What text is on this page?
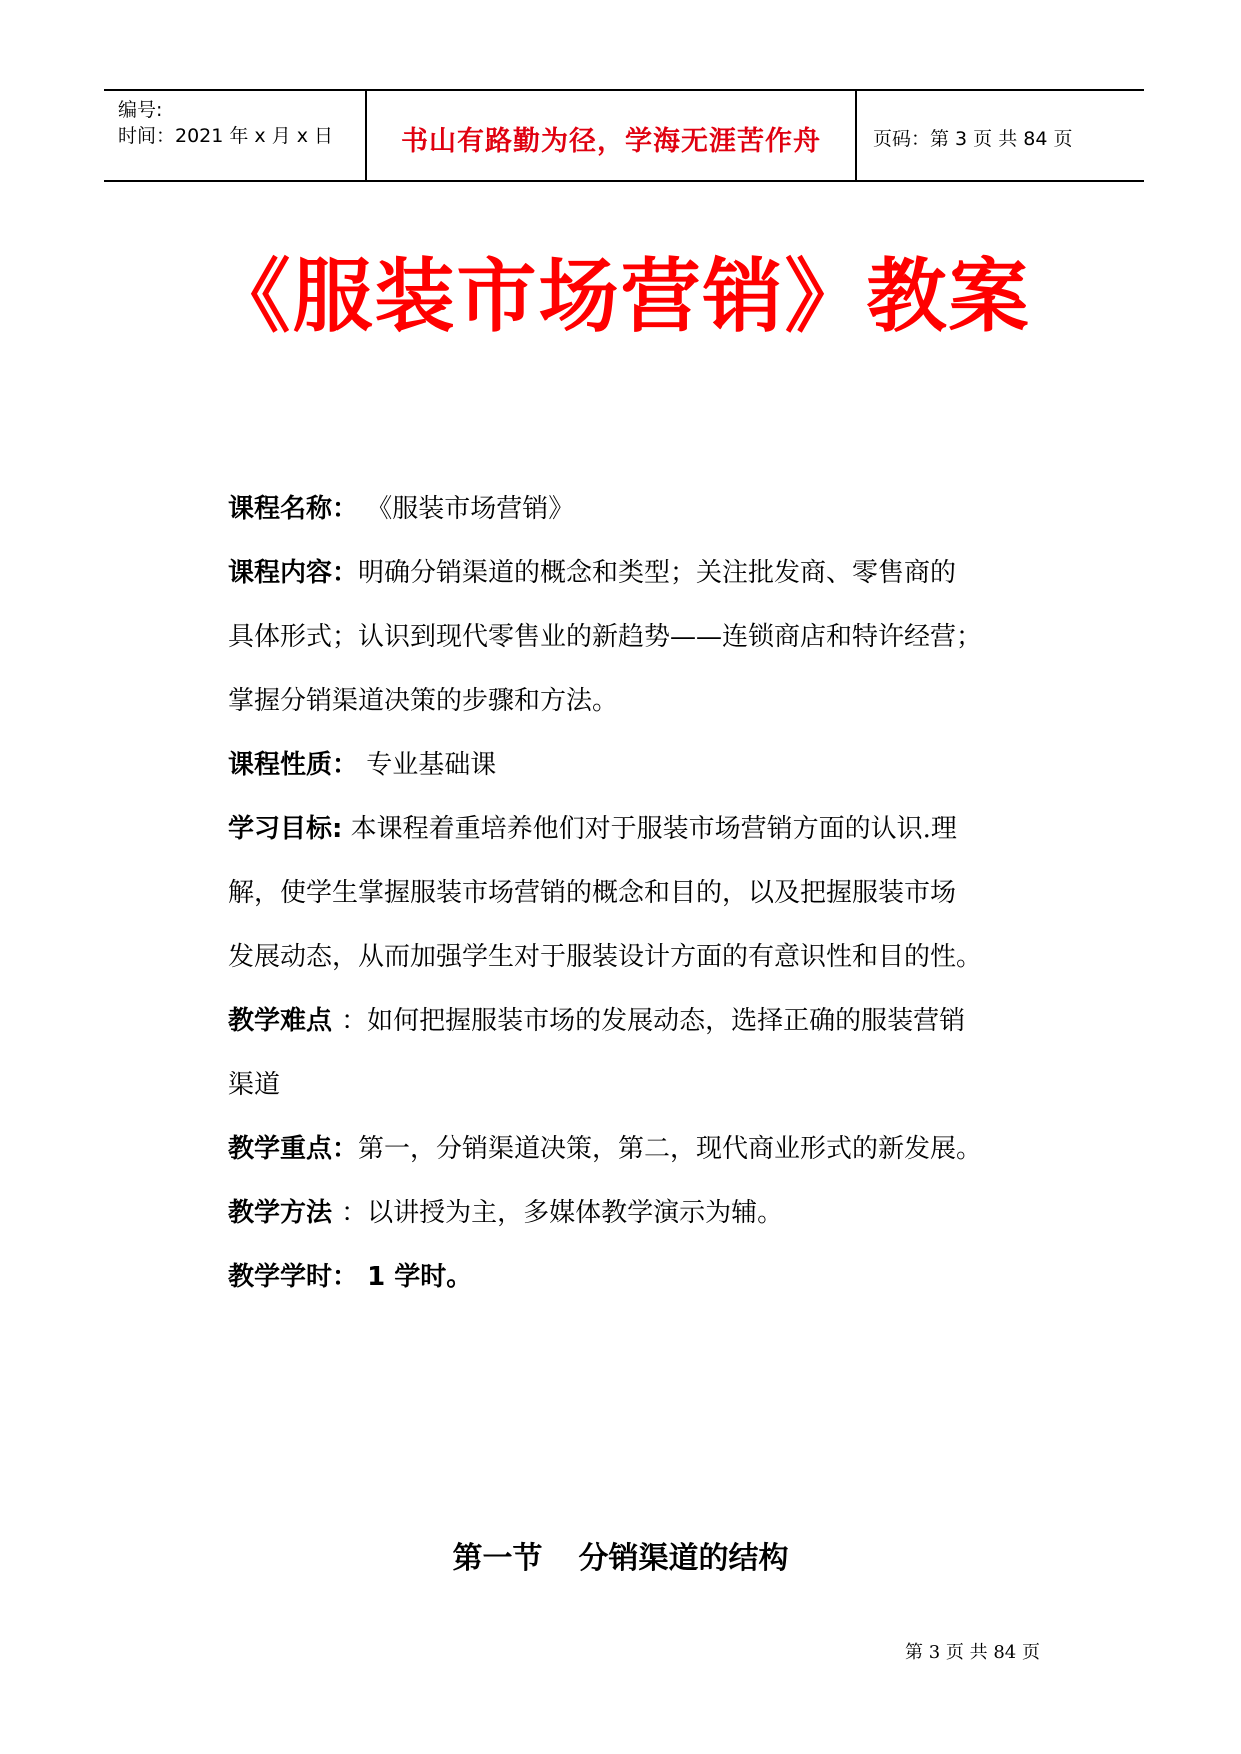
编号:
时间：2021 年 x 月 x 日	书山有路勤为径，学海无涯苦作舟	页码：第 3 页 共 84 页
《服装市场营销》教案
课程名称： 《服装市场营销》
课程内容：明确分销渠道的概念和类型；关注批发商、零售商的
具体形式；认识到现代零售业的新趋势——连锁商店和特许经营；
掌握分销渠道决策的步骤和方法。
课程性质： 专业基础课
学习目标: 本课程着重培养他们对于服装市场营销方面的认识.理
解，使学生掌握服装市场营销的概念和目的，以及把握服装市场
发展动态，从而加强学生对于服装设计方面的有意识性和目的性。
教学难点 ：如何把握服装市场的发展动态，选择正确的服装营销
渠道
教学重点：第一，分销渠道决策，第二，现代商业形式的新发展。
教学方法 ：以讲授为主，多媒体教学演示为辅。
教学学时： 1 学时。
第一节 分销渠道的结构
第 3 页 共 84 页
